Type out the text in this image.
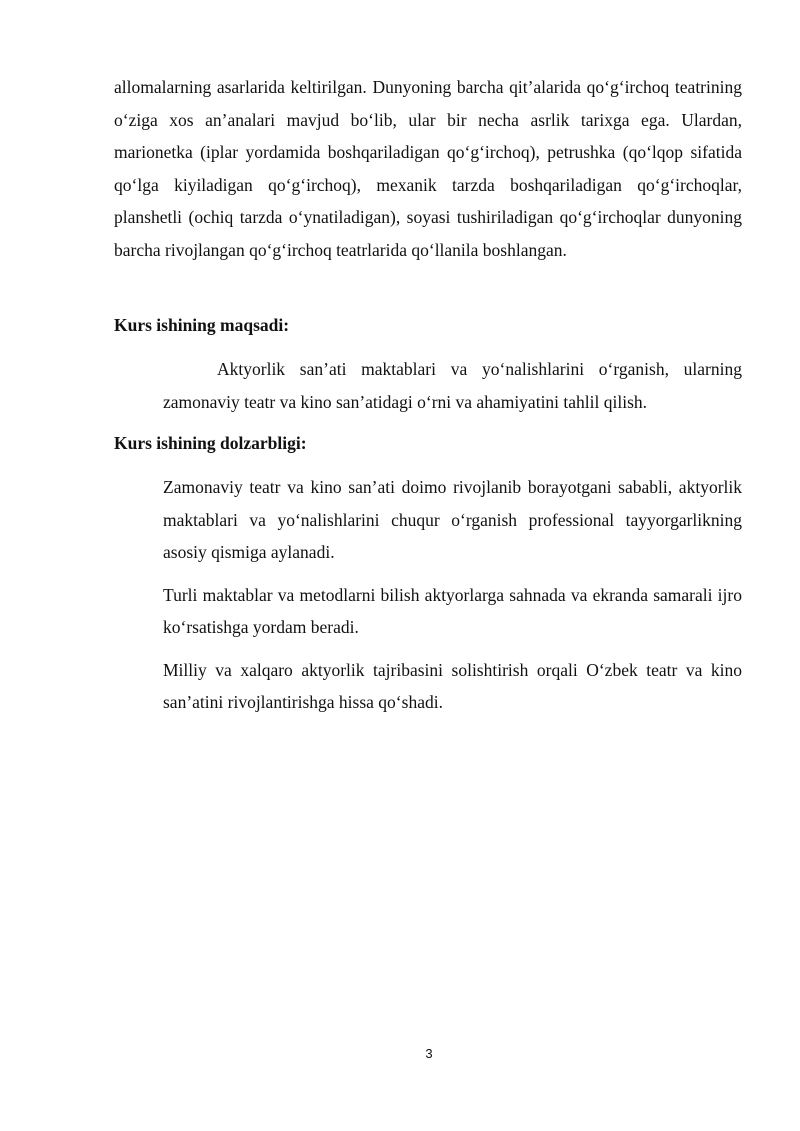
allomalarning asarlarida keltirilgan. Dunyoning barcha qit’alarida qo‘g‘irchoq teatrining o‘ziga xos an’analari mavjud bo‘lib, ular bir necha asrlik tarixga ega. Ulardan, marionetka (iplar yordamida boshqariladigan qo‘g‘irchoq), petrushka (qo‘lqop sifatida qo‘lga kiyiladigan qo‘g‘irchoq), mexanik tarzda boshqariladigan qo‘g‘irchoqlar, planshetli (ochiq tarzda o‘ynatiladigan), soyasi tushiriladigan qo‘g‘irchoqlar dunyoning barcha rivojlangan qo‘g‘irchoq teatrlarida qo‘llanila boshlangan.

Kurs ishining maqsadi:

Aktyorlik san’ati maktablari va yo‘nalishlarini o‘rganish, ularning zamonaviy teatr va kino san’atidagi o‘rni va ahamiyatini tahlil qilish.

Kurs ishining dolzarbligi:

Zamonaviy teatr va kino san’ati doimo rivojlanib borayotgani sababli, aktyorlik maktablari va yo‘nalishlarini chuqur o‘rganish professional tayyorgarlikning asosiy qismiga aylanadi.

Turli maktablar va metodlarni bilish aktyorlarga sahnada va ekranda samarali ijro ko‘rsatishga yordam beradi.

Milliy va xalqaro aktyorlik tajribasini solishtirish orqali O‘zbek teatr va kino san’atini rivojlantirishga hissa qo‘shadi.

3
